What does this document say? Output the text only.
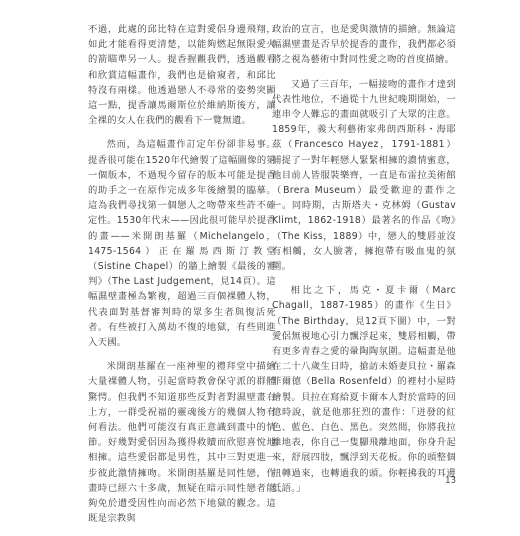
不過，此處的邱比特在這對愛侶身邊飛翔，如此才能看得更清楚，以能夠燃起無限愛火的箭瞄準另一人。提香握觀我們，透過觀看和欣賞這幅畫作，我們也是偷窺者，和邱比特沒有兩樣。他透過戀人不尋常的姿勢突顯這一點，提香讓馬爾斯位於維納斯後方，讓全裸的女人在我們的觀看下一覽無遺。

然而，為這幅畫作訂定年份卻非易事。提香很可能在1520年代繪製了這幅圖像的第一個版本，不過現今留存的版本可能是提香的助手之一在原作完成多年後繪製的臨摹。這為我們尋找第一個戀人之吻帶來些許不確定性。1530年代末——因此很可能早於提香的畫——米開朗基羅（Michelangelo，1475-1564）正在羅馬西斯汀教堂（Sistine Chapel）的牆上繪製《最後的審判》（The Last Judgement，見14頁）。這幅濕壁畫極為繁複，超過三百個裸體人物，代表面對基督審判時的眾多生者與復活死者。有些被打入萬劫不復的地獄，有些則進入天國。

米開朗基羅在一座神聖的禮拜堂中描繪大量裸體人物，引起當時教會保守派的群體驚愕。但我們不知道那些反對者對濕壁畫右上方，一群受祝福的靈魂後方的幾個人物有何看法。他們可能沒有真正意識到畫中的情節。好幾對愛侶因為獲得救贖而欣慰喜悅地相擁。這些愛侶都是男性，其中三對更進一步彼此激情擁吻。米開朗基羅是同性戀，作畫時已經六十多歲，無疑在暗示同性戀者能夠免於遭受因性向而必然下地獄的觀念。這既是宗教與

政治的宣言，也是愛與激情的描繪。無論這幅濕壁畫是否早於提香的畫作，我們都必須將之視為藝術中對同性愛之吻的首度描繪。

又過了三百年，一幅接吻的畫作才達到代表性地位，不過從十九世紀晚期開始，一連串令人難忘的畫面就吸引了大眾的注意。1859年，義大利藝術家弗朗西斯科・海耶茲（Francesco Hayez，1791-1881）捕捉了一對年輕戀人緊緊相擁的濃情蜜意，他目前人皆服裝樂齊，一直是布雷拉美術館（Brera Museum）最受歡迎的畫作之一。同時期，古斯塔夫・克林姆（Gustav Klimt，1862-1918）最著名的作品《吻》（The Kiss，1889）中，戀人的雙唇並沒有相觸，女人臉著，擁抱帶有吸血鬼的氛圍。

相比之下，馬克・夏卡爾（Marc Chagall，1887-1985）的畫作《生日》（The Birthday，見12頁下圖）中，一對愛侶無視地心引力飄浮起來，雙唇相觸，帶有更多青春之愛的暈陶陶氛圍。這幅畫是他在二十八歲生日時，搶訪未婚妻貝拉・羅森菲爾德（Bella Rosenfeld）的裡村小屋時繪製。貝拉在寫給夏卡爾本人對於當時的回憶時說，就是他那狂烈的畫作：「迸發的紅色、藍色、白色、黑色。突然間，你將我拉離地表，你自己一隻腳飛離地面，你身升起來，舒展四肢，飄浮到天花板。你的頭整個扭轉過來，也轉過我的頭。你輕拂我的耳邊低語。」

13
